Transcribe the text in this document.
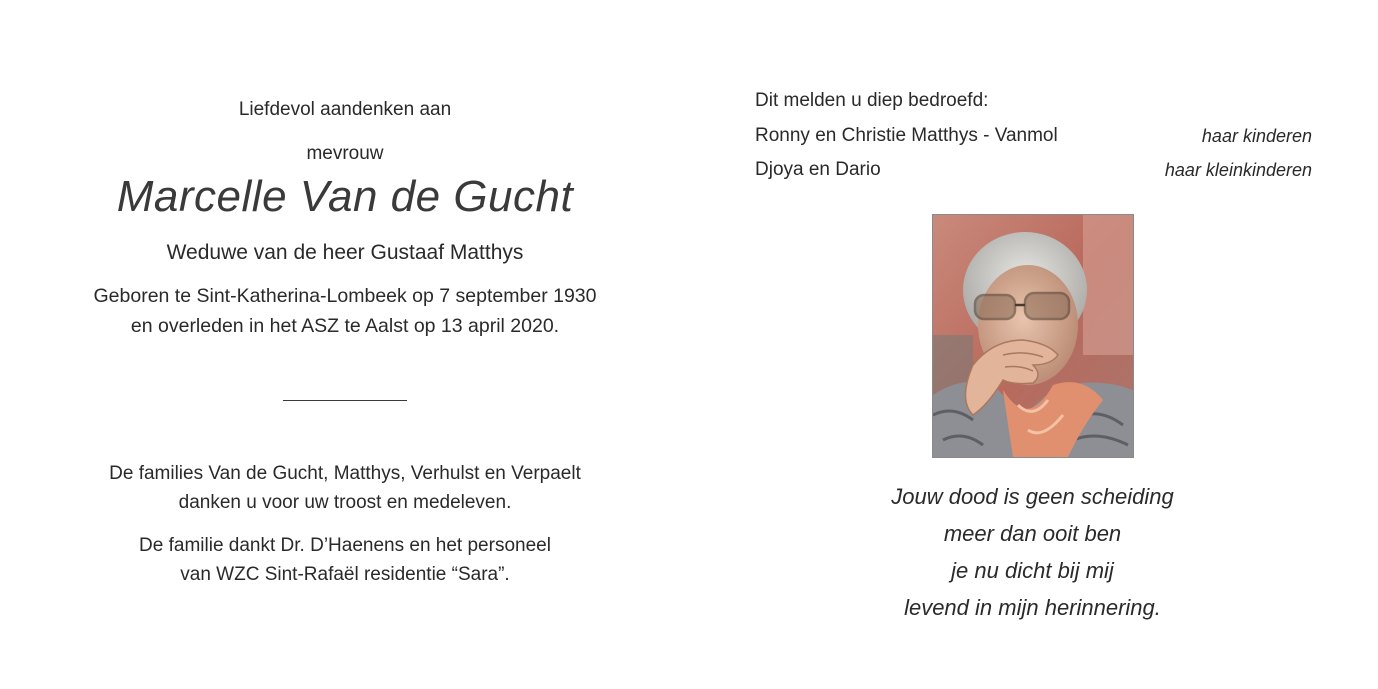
Liefdevol aandenken aan
mevrouw
Marcelle Van de Gucht
Weduwe van de heer Gustaaf Matthys
Geboren te Sint-Katherina-Lombeek op 7 september 1930
en overleden in het ASZ te Aalst op 13 april 2020.
De families Van de Gucht, Matthys, Verhulst en Verpaelt
danken u voor uw troost en medeleven.
De familie dankt Dr. D’Haenens en het personeel
van WZC Sint-Rafaël residentie “Sara”.
Dit melden u diep bedroefd:
Ronny en Christie Matthys - Vanmol	haar kinderen
Djoya en Dario	haar kleinkinderen
Jouw dood is geen scheiding
meer dan ooit ben
je nu dicht bij mij
levend in mijn herinnering.
